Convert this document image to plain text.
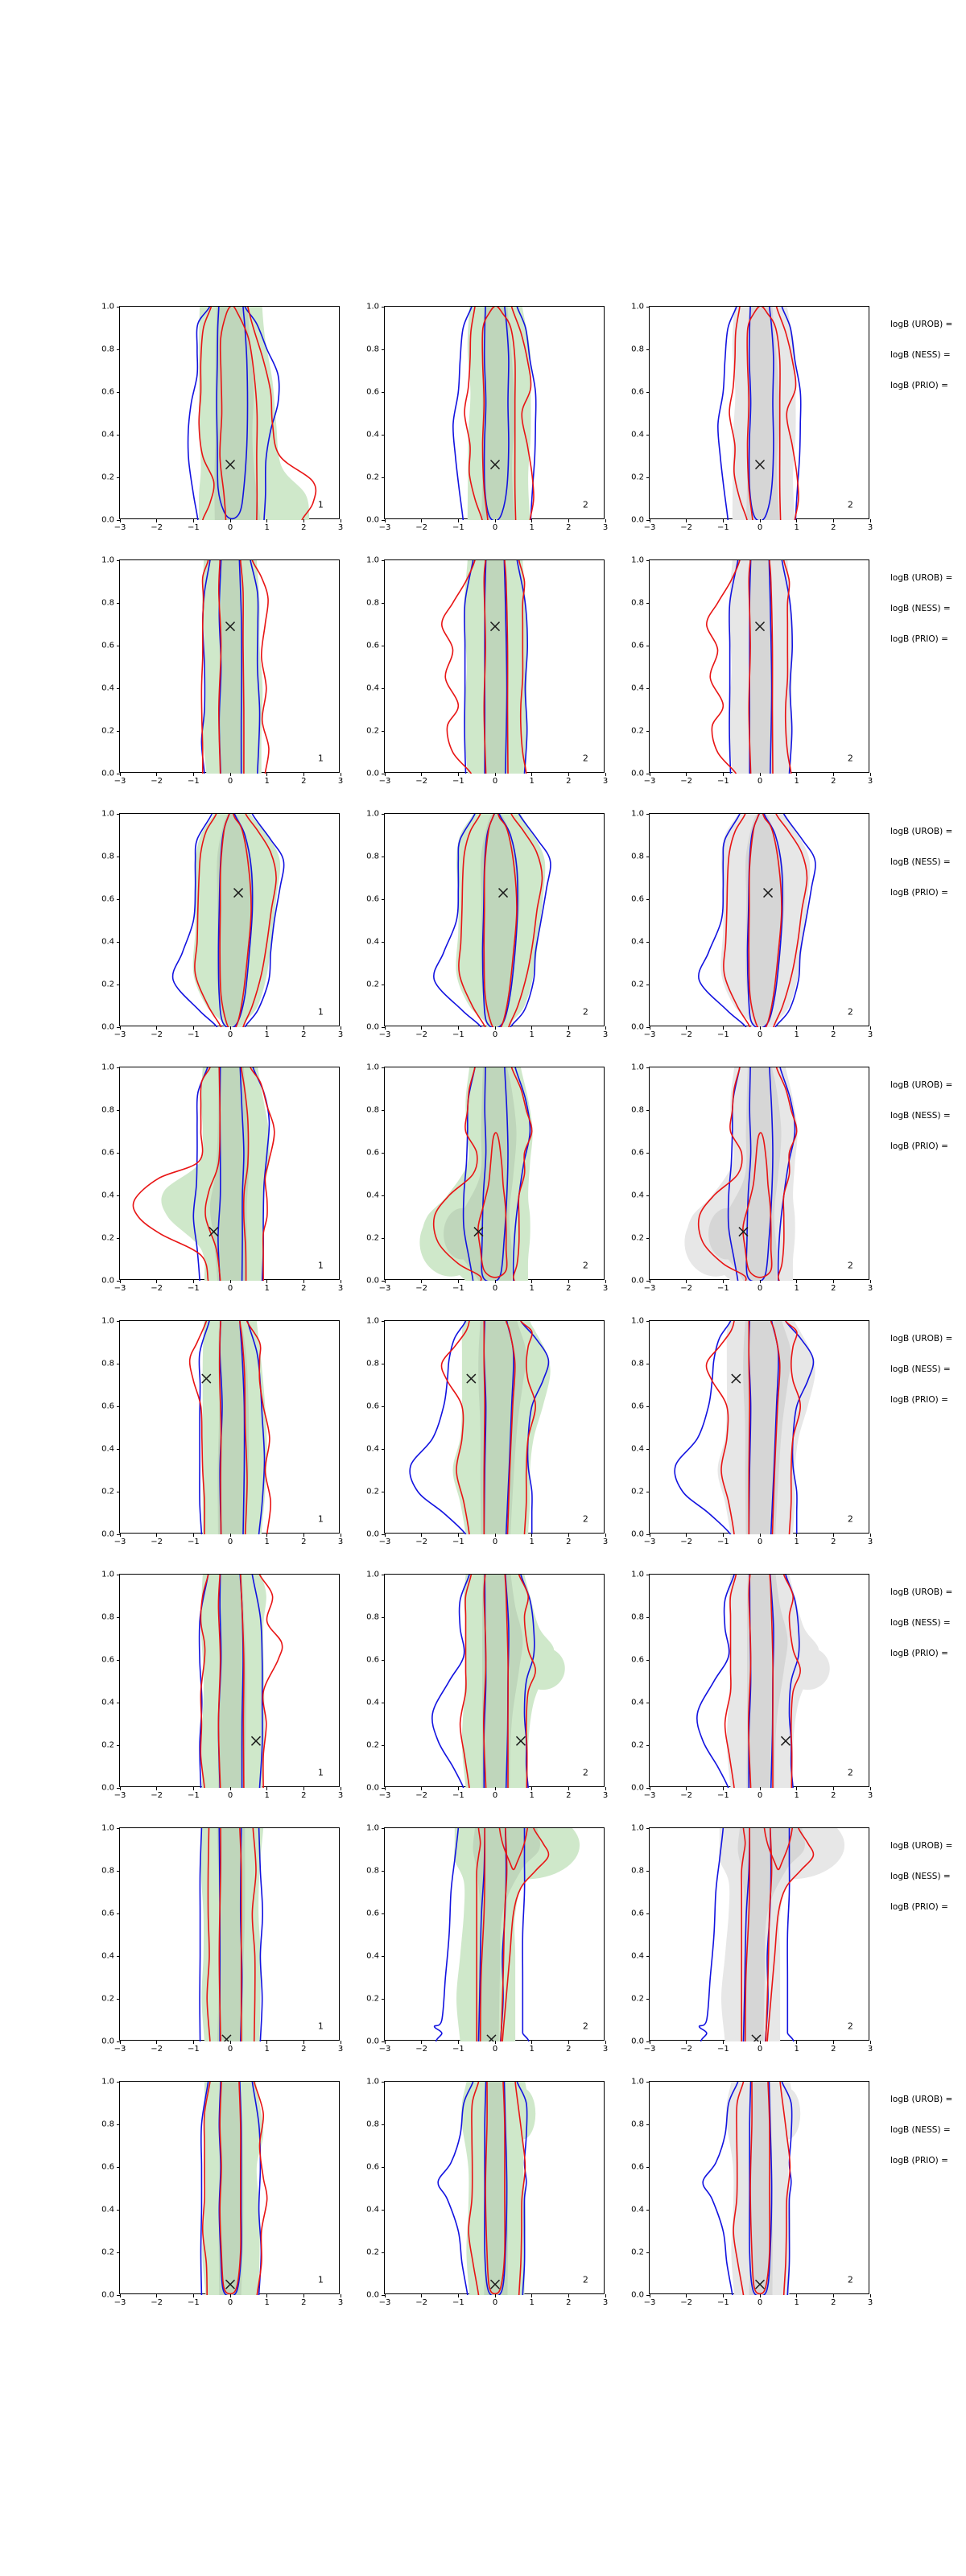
1
−3	−2	−1	0	1	2	3
0.0
0.2
0.4
0.6
0.8
1.0
2
−3	−2	−1	0	1	2	3
0.0
0.2
0.4
0.6
0.8
1.0
2
−3	−2	−1	0	1	2	3
0.0
0.2
0.4
0.6
0.8
1.0
1
−3	−2	−1	0	1	2	3
0.0
0.2
0.4
0.6
0.8
1.0
2
−3	−2	−1	0	1	2	3
0.0
0.2
0.4
0.6
0.8
1.0
2
−3	−2	−1	0	1	2	3
0.0
0.2
0.4
0.6
0.8
1.0
1
−3	−2	−1	0	1	2	3
0.0
0.2
0.4
0.6
0.8
1.0
2
−3	−2	−1	0	1	2	3
0.0
0.2
0.4
0.6
0.8
1.0
2
−3	−2	−1	0	1	2	3
0.0
0.2
0.4
0.6
0.8
1.0
1
−3	−2	−1	0	1	2	3
0.0
0.2
0.4
0.6
0.8
1.0
2
−3	−2	−1	0	1	2	3
0.0
0.2
0.4
0.6
0.8
1.0
2
−3	−2	−1	0	1	2	3
0.0
0.2
0.4
0.6
0.8
1.0
1
−3	−2	−1	0	1	2	3
0.0
0.2
0.4
0.6
0.8
1.0
2
−3	−2	−1	0	1	2	3
0.0
0.2
0.4
0.6
0.8
1.0
2
−3	−2	−1	0	1	2	3
0.0
0.2
0.4
0.6
0.8
1.0
1
−3	−2	−1	0	1	2	3
0.0
0.2
0.4
0.6
0.8
1.0
2
−3	−2	−1	0	1	2	3
0.0
0.2
0.4
0.6
0.8
1.0
2
−3	−2	−1	0	1	2	3
0.0
0.2
0.4
0.6
0.8
1.0
1
−3	−2	−1	0	1	2	3
0.0
0.2
0.4
0.6
0.8
1.0
2
−3	−2	−1	0	1	2	3
0.0
0.2
0.4
0.6
0.8
1.0
2
−3	−2	−1	0	1	2	3
0.0
0.2
0.4
0.6
0.8
1.0
1
−3	−2	−1	0	1	2	3
0.0
0.2
0.4
0.6
0.8
1.0
2
−3	−2	−1	0	1	2	3
0.0
0.2
0.4
0.6
0.8
1.0
2
−3	−2	−1	0	1	2	3
0.0
0.2
0.4
0.6
0.8
1.0
logB (UROB) =
logB (NESS) =
logB (PRIO) =
logB (UROB) =
logB (NESS) =
logB (PRIO) =
logB (UROB) =
logB (NESS) =
logB (PRIO) =
logB (UROB) =
logB (NESS) =
logB (PRIO) =
logB (UROB) =
logB (NESS) =
logB (PRIO) =
logB (UROB) =
logB (NESS) =
logB (PRIO) =
logB (UROB) =
logB (NESS) =
logB (PRIO) =
logB (UROB) =
logB (NESS) =
logB (PRIO) =
